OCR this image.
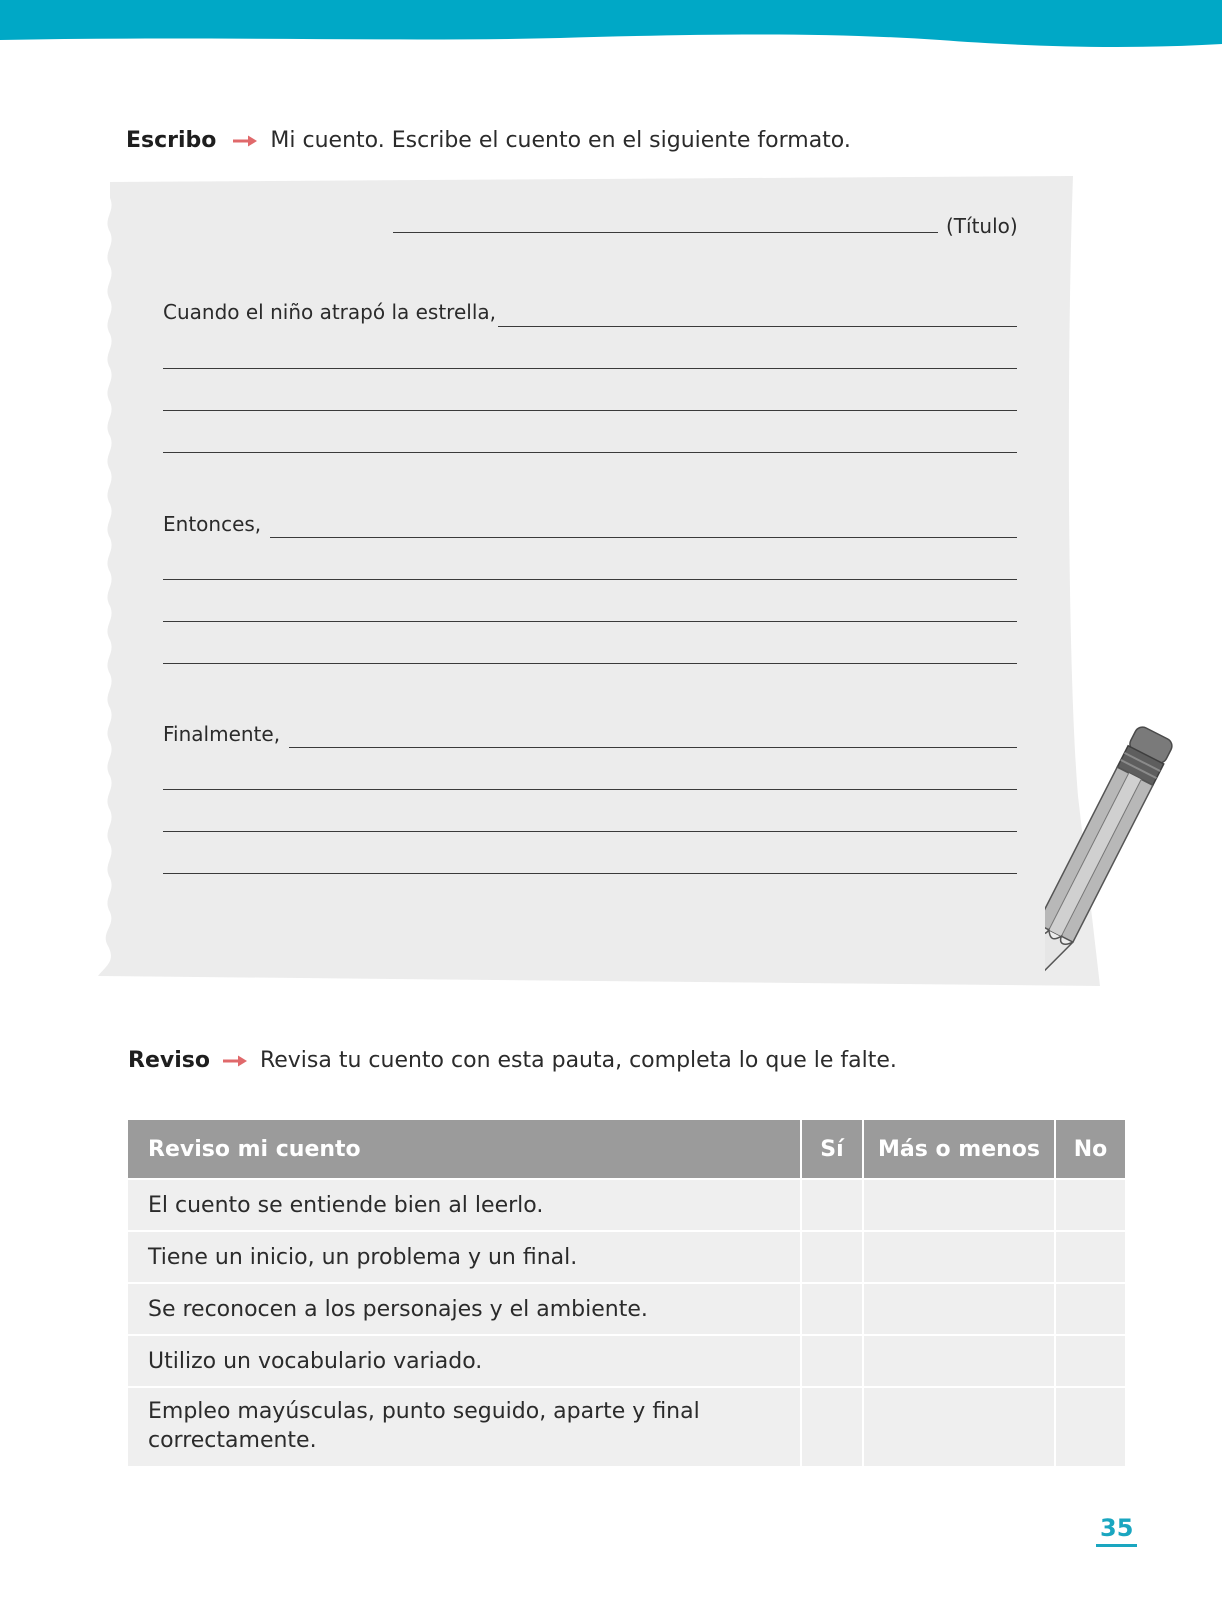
Escribo Mi cuento. Escribe el cuento en el siguiente formato.
(Título)
Cuando el niño atrapó la estrella,
Entonces,
Finalmente,
Reviso Revisa tu cuento con esta pauta, completa lo que le falte.
Reviso mi cuento	Sí	Más o menos	No
El cuento se entiende bien al leerlo.			
Tiene un inicio, un problema y un final.			
Se reconocen a los personajes y el ambiente.			
Utilizo un vocabulario variado.			
Empleo mayúsculas, punto seguido, aparte y final correctamente.			
35
